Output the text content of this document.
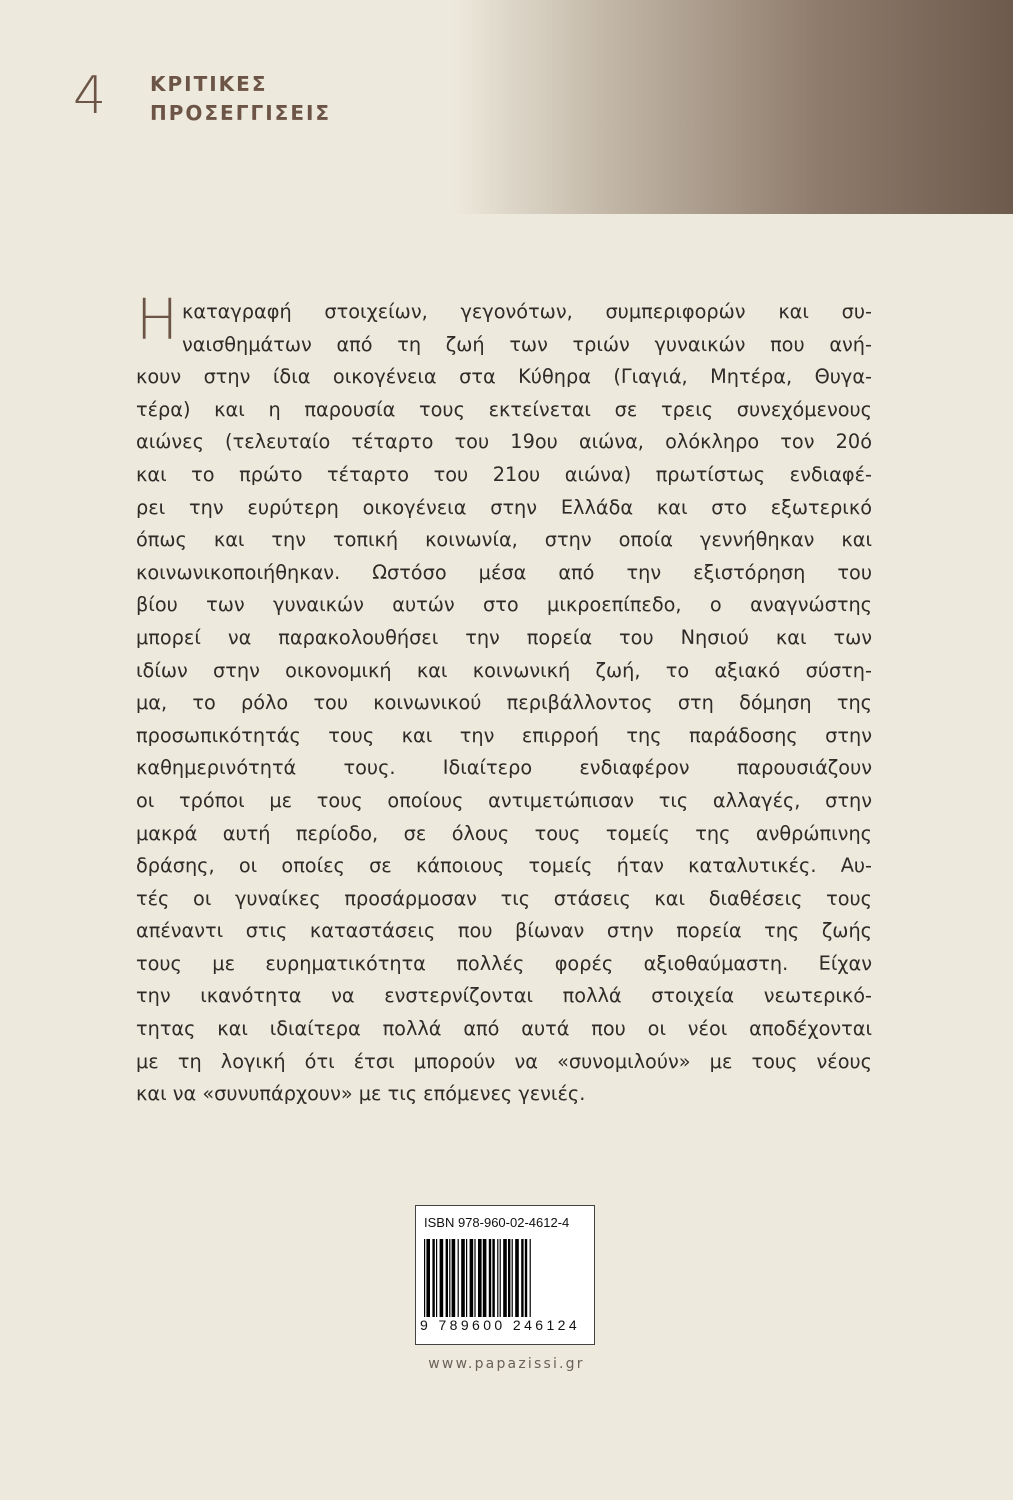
4 ΚΡΙΤΙΚΕΣ
ΠΡΟΣΕΓΓΙΣΕΙΣ
Η καταγραφή στοιχείων, γεγονότων, συμπεριφορών και συ-
ναισθημάτων από τη ζωή των τριών γυναικών που ανή-
κουν στην ίδια οικογένεια στα Κύθηρα (Γιαγιά, Μητέρα, Θυγα-
τέρα) και η παρουσία τους εκτείνεται σε τρεις συνεχόμενους
αιώνες (τελευταίο τέταρτο του 19ου αιώνα, ολόκληρο τον 20ό
και το πρώτο τέταρτο του 21ου αιώνα) πρωτίστως ενδιαφέ-
ρει την ευρύτερη οικογένεια στην Ελλάδα και στο εξωτερικό
όπως και την τοπική κοινωνία, στην οποία γεννήθηκαν και
κοινωνικοποιήθηκαν. Ωστόσο μέσα από την εξιστόρηση του
βίου των γυναικών αυτών στο μικροεπίπεδο, ο αναγνώστης
μπορεί να παρακολουθήσει την πορεία του Νησιού και των
ιδίων στην οικονομική και κοινωνική ζωή, το αξιακό σύστη-
μα, το ρόλο του κοινωνικού περιβάλλοντος στη δόμηση της
προσωπικότητάς τους και την επιρροή της παράδοσης στην
καθημερινότητά τους. Ιδιαίτερο ενδιαφέρον παρουσιάζουν
οι τρόποι με τους οποίους αντιμετώπισαν τις αλλαγές, στην
μακρά αυτή περίοδο, σε όλους τους τομείς της ανθρώπινης
δράσης, οι οποίες σε κάποιους τομείς ήταν καταλυτικές. Αυ-
τές οι γυναίκες προσάρμοσαν τις στάσεις και διαθέσεις τους
απέναντι στις καταστάσεις που βίωναν στην πορεία της ζωής
τους με ευρηματικότητα πολλές φορές αξιοθαύμαστη. Είχαν
την ικανότητα να ενστερνίζονται πολλά στοιχεία νεωτερικό-
τητας και ιδιαίτερα πολλά από αυτά που οι νέοι αποδέχονται
με τη λογική ότι έτσι μπορούν να «συνομιλούν» με τους νέους
και να «συνυπάρχουν» με τις επόμενες γενιές.
ISBN 978-960-02-4612-4
9 789600 246124
www.papazissi.gr
